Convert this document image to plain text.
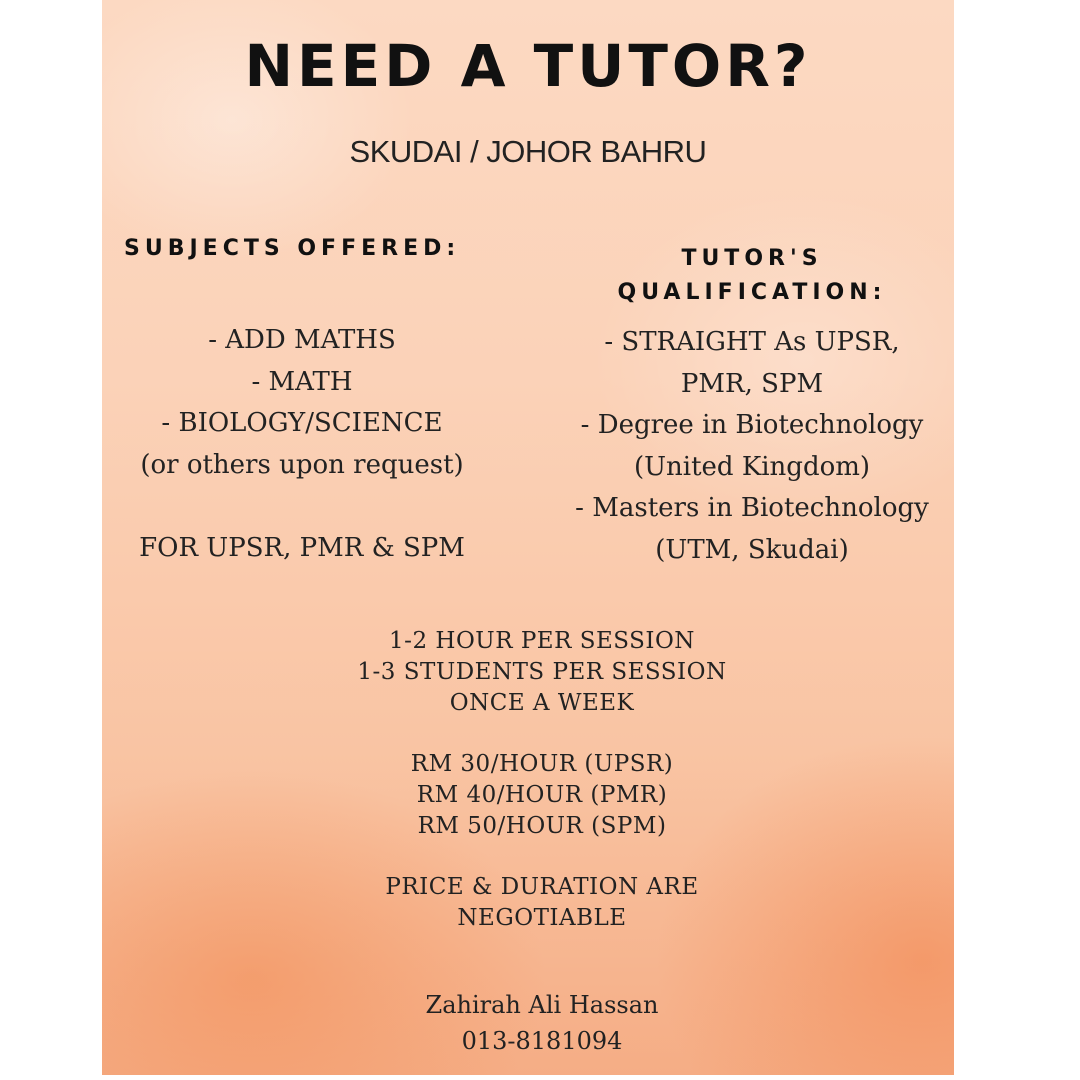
NEED A TUTOR?
SKUDAI / JOHOR BAHRU
SUBJECTS OFFERED:	TUTOR'S
QUALIFICATION:
- ADD MATHS
- MATH
- BIOLOGY/SCIENCE
(or others upon request)
FOR UPSR, PMR & SPM
- STRAIGHT As UPSR,
PMR, SPM
- Degree in Biotechnology
(United Kingdom)
- Masters in Biotechnology
(UTM, Skudai)
1-2 HOUR PER SESSION
1-3 STUDENTS PER SESSION
ONCE A WEEK
RM 30/HOUR (UPSR)
RM 40/HOUR (PMR)
RM 50/HOUR (SPM)
PRICE & DURATION ARE
NEGOTIABLE
Zahirah Ali Hassan
013-8181094
